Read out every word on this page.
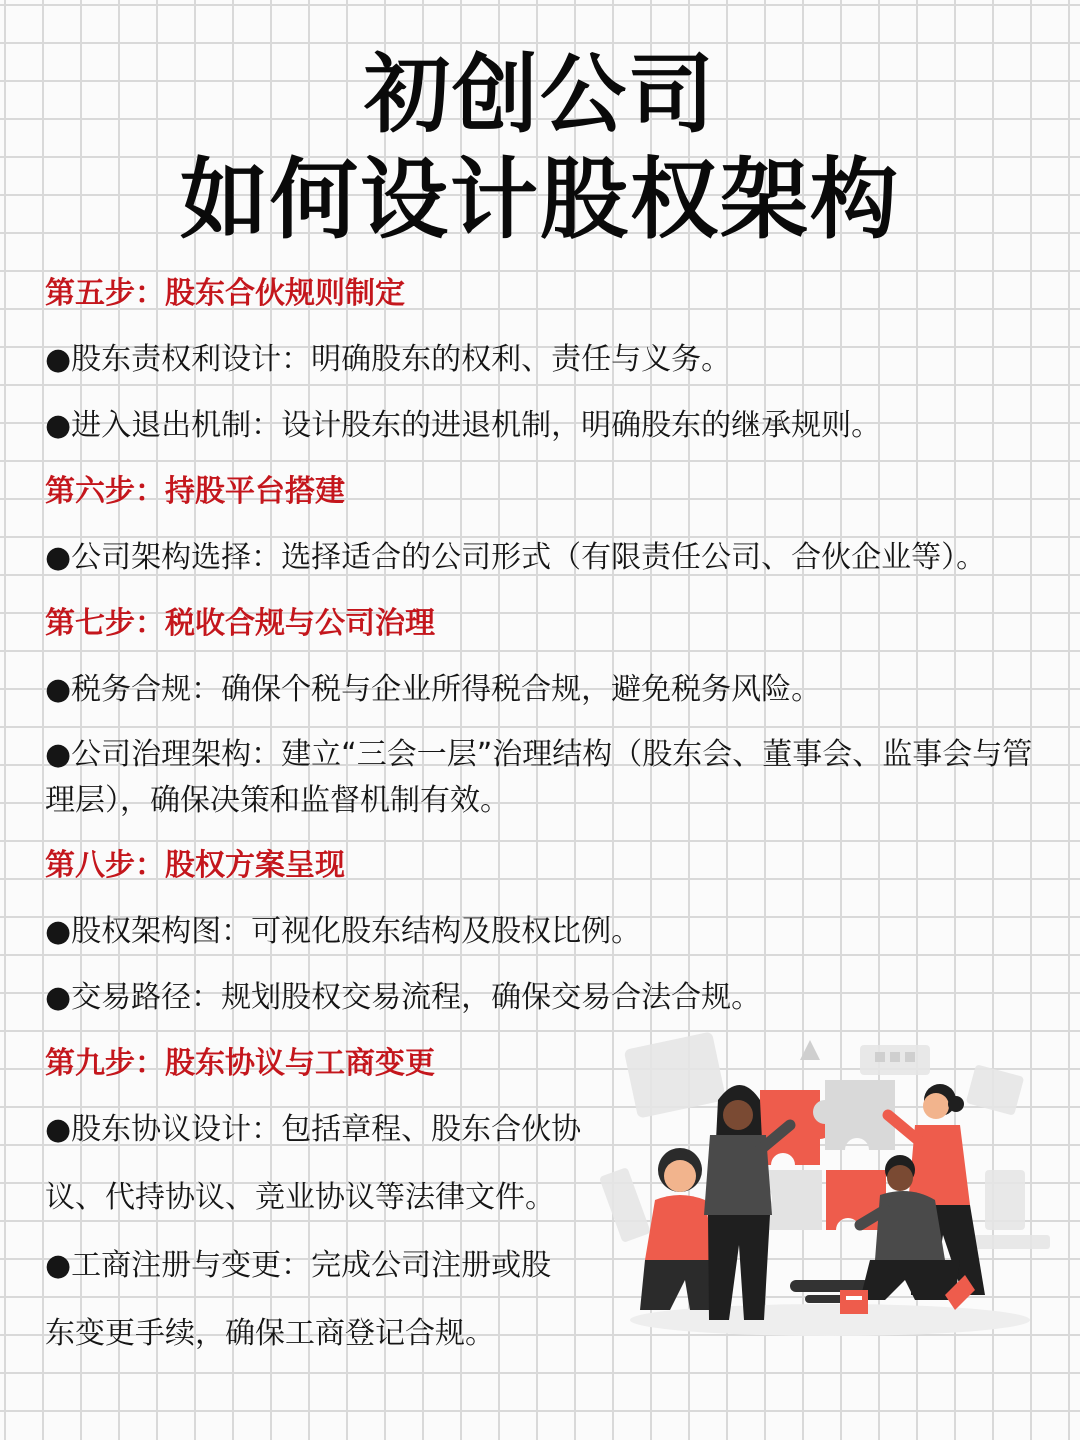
初创公司
如何设计股权架构

第五步：股东合伙规则制定

●股东责权利设计：明确股东的权利、责任与义务。

●进入退出机制：设计股东的进退机制，明确股东的继承规则。

第六步：持股平台搭建

●公司架构选择：选择适合的公司形式（有限责任公司、合伙企业等）。

第七步：税收合规与公司治理

●税务合规：确保个税与企业所得税合规，避免税务风险。

●公司治理架构：建立“三会一层”治理结构（股东会、董事会、监事会与管理层），确保决策和监督机制有效。

第八步：股权方案呈现

●股权架构图：可视化股东结构及股权比例。

●交易路径：规划股权交易流程，确保交易合法合规。

第九步：股东协议与工商变更

●股东协议设计：包括章程、股东合伙协

议、代持协议、竞业协议等法律文件。

●工商注册与变更：完成公司注册或股

东变更手续，确保工商登记合规。
